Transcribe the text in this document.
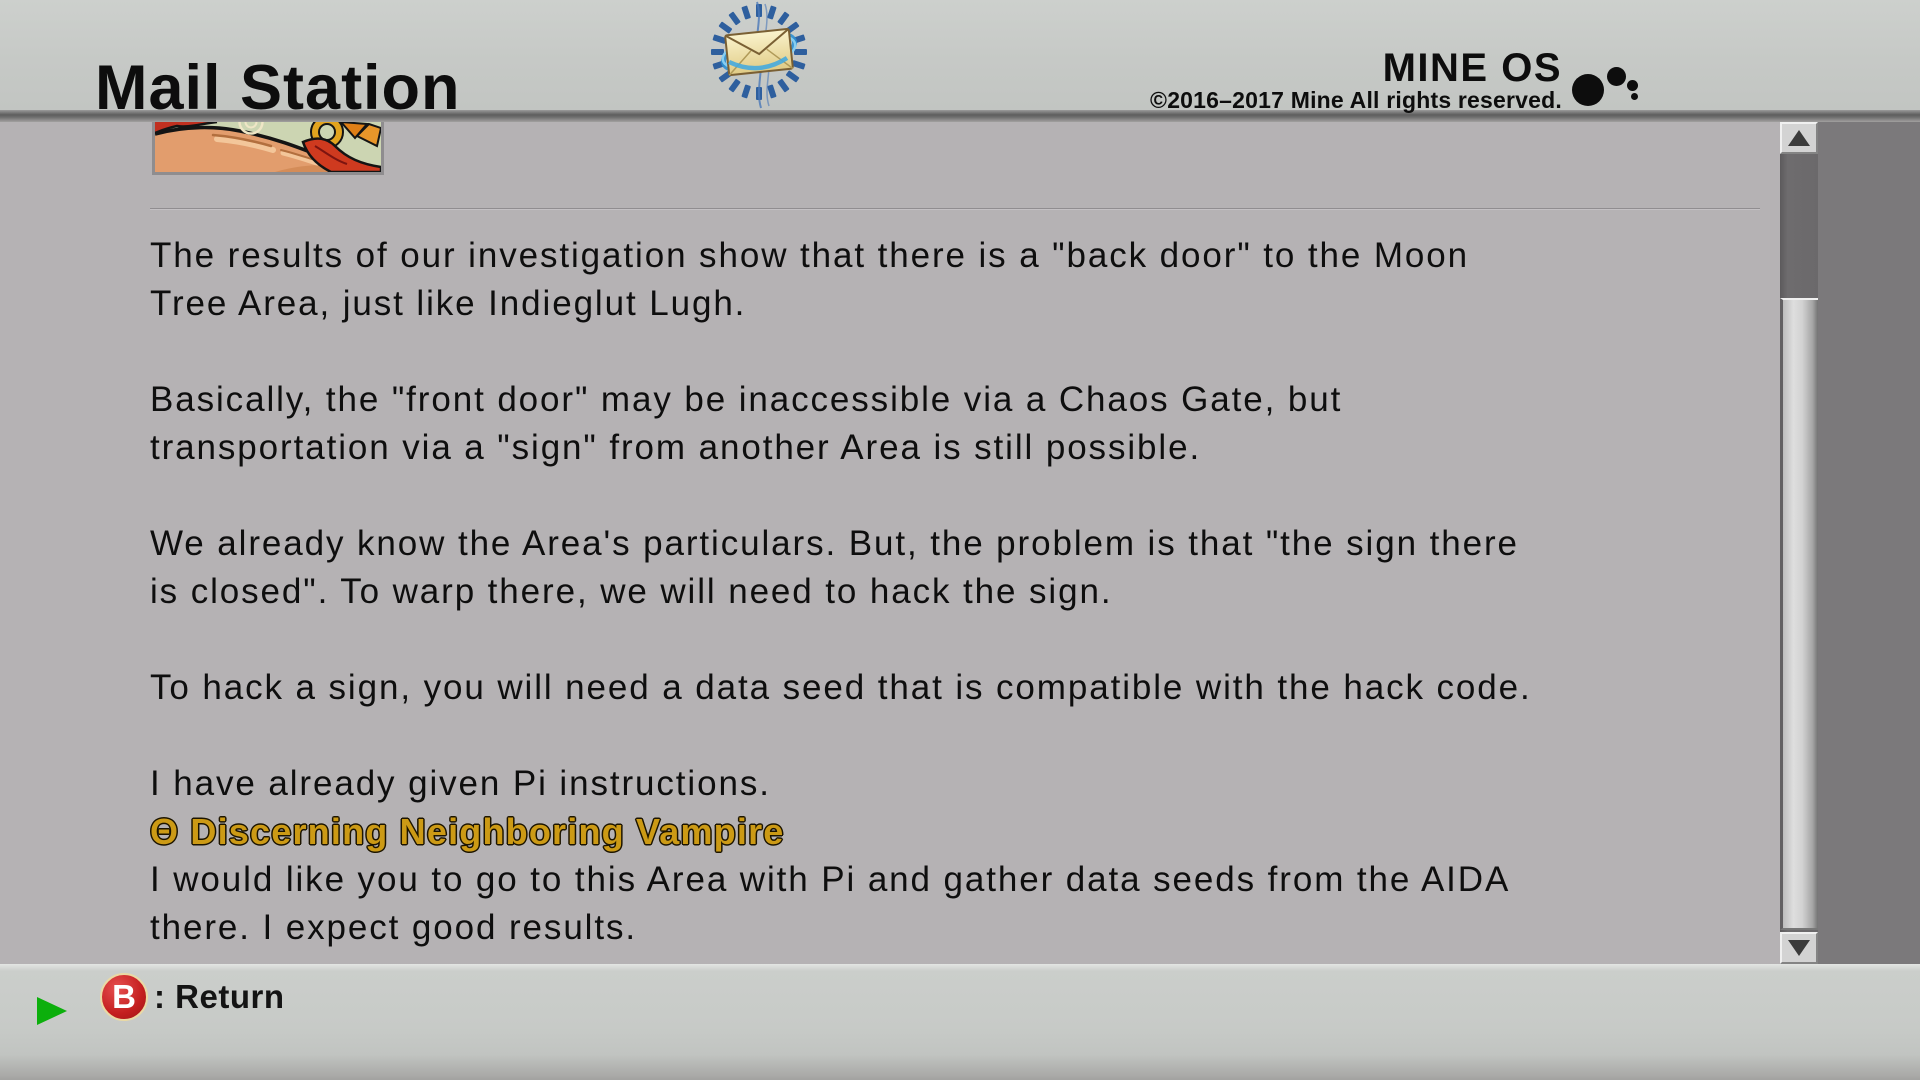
The results of our investigation show that there is a "back door" to the Moon
Tree Area, just like Indieglut Lugh.
Basically, the "front door" may be inaccessible via a Chaos Gate, but
transportation via a "sign" from another Area is still possible.
We already know the Area's particulars. But, the problem is that "the sign there
is closed". To warp there, we will need to hack the sign.
To hack a sign, you will need a data seed that is compatible with the hack code.
I have already given Pi instructions.
Θ Discerning Neighboring Vampire
I would like you to go to this Area with Pi and gather data seeds from the AIDA
there. I expect good results.
Mail Station	MINE OS
©2016–2017 Mine All rights reserved.
B : Return
